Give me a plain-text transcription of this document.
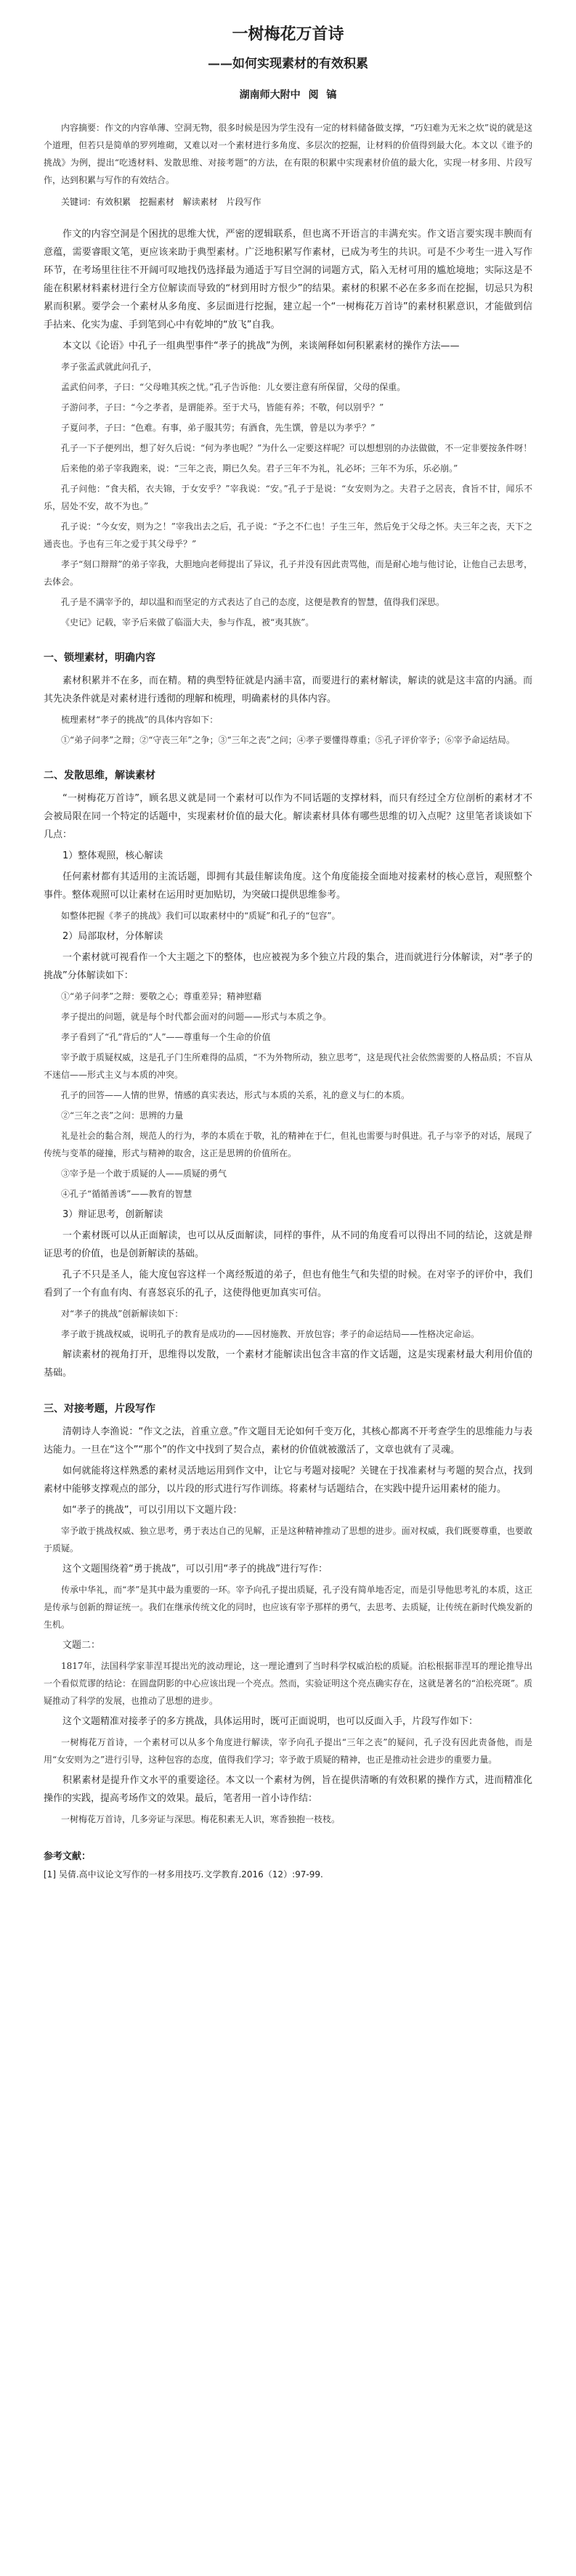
一树梅花万首诗
——如何实现素材的有效积累
湖南师大附中 阅 镐
内容摘要：作文的内容单薄、空洞无物，很多时候是因为学生没有一定的材料储备做支撑，“巧妇难为无米之炊”说的就是这个道理，但若只是简单的罗列堆砌，又难以对一个素材进行多角度、多层次的挖掘，让材料的价值得到最大化。本文以《谁予的挑战》为例，提出“吃透材料、发散思维、对接考题”的方法，在有限的积累中实现素材价值的最大化，实现一材多用、片段写作，达到积累与写作的有效结合。
关键词：有效积累 挖掘素材 解读素材 片段写作
作文的内容空洞是个困扰的思维大忧，严密的逻辑联系，但也离不开语言的丰满充实。作文语言要实现丰腴而有意蕴，需要睿眼文笔，更应该来助于典型素材。广泛地积累写作素材，已成为考生的共识。可是不少考生一进入写作环节，在考场里往往不开阔可叹地找仍选择最为通适于写目空洞的词题方式，陷入无材可用的尴尬境地；实际这是不能在积累材料素材进行全方位解读而导致的“材到用时方恨少”的结果。素材的积累不必在多多而在挖掘，切忌只为积累而积累。要学会一个素材从多角度、多层面进行挖掘，建立起一个“一树梅花万首诗”的素材积累意识，才能做到信手拈来、化实为虚、手到笔到心中有乾坤的“放飞”自我。
本文以《论语》中孔子一组典型事件“孝子的挑战”为例，来谈阐释如何积累素材的操作方法——
孝子张孟武就此问孔子，
孟武伯问孝，子曰：“父母唯其疾之忧。”孔子告诉他：儿女要注意有所保留，父母的保重。
子游问孝，子曰：“今之孝者，是谓能养。至于犬马，皆能有养；不敬，何以别乎？”
子夏问孝，子曰：“色难。有事，弟子服其劳；有酒食，先生馔，曾是以为孝乎？”
孔子一下子便列出，想了好久后说：“何为孝也呢？”为什么一定要这样呢？可以想想别的办法做做，不一定非要按条件呀！
后来他的弟子宰我跑来，说：“三年之丧，期已久矣。君子三年不为礼，礼必坏；三年不为乐，乐必崩。”
孔子问他：“食夫稻，衣夫锦，于女安乎？”宰我说：“安。”孔子于是说：“女安则为之。夫君子之居丧，食旨不甘，闻乐不乐，居处不安，故不为也。”
孔子说：“今女安，则为之！”宰我出去之后，孔子说：“予之不仁也！子生三年，然后免于父母之怀。夫三年之丧，天下之通丧也。予也有三年之爱于其父母乎？”
孝子“刻口辩辩”的弟子宰我，大胆地向老师提出了异议，孔子并没有因此责骂他，而是耐心地与他讨论，让他自己去思考，去体会。
孔子是不满宰予的，却以温和而坚定的方式表达了自己的态度，这便是教育的智慧，值得我们深思。
《史记》记载，宰予后来做了临淄大夫，参与作乱，被“夷其族”。
一、锁埋素材，明确内容
素材积累并不在多，而在精。精的典型特征就是内涵丰富，而要进行的素材解读，解读的就是这丰富的内涵。而其先决条件就是对素材进行透彻的理解和梳理，明确素材的具体内容。
梳理素材“孝子的挑战”的具体内容如下：
①“弟子问孝”之辩；②“守丧三年”之争；③“三年之丧”之问；④孝子要懂得尊重；⑤孔子评价宰予；⑥宰予命运结局。
二、发散思维，解读素材
“一树梅花万首诗”，顾名思义就是同一个素材可以作为不同话题的支撑材料，而只有经过全方位剖析的素材才不会被局限在同一个特定的话题中，实现素材价值的最大化。解读素材具体有哪些思维的切入点呢？这里笔者谈谈如下几点：
1）整体观照，核心解读
任何素材都有其适用的主流话题，即拥有其最佳解读角度。这个角度能接全面地对接素材的核心意旨，观照整个事件。整体观照可以让素材在运用时更加贴切，为突破口提供思维参考。
如整体把握《孝子的挑战》我们可以取素材中的“质疑”和孔子的“包容”。
2）局部取材，分体解读
一个素材就可视看作一个大主题之下的整体，也应被视为多个独立片段的集合，进而就进行分体解读，对“孝子的挑战”分体解读如下：
①“弟子问孝”之辩：要敬之心；尊重差异；精神慰藉
孝子提出的问题，就是每个时代都会面对的问题——形式与本质之争。
孝子看到了“孔”背后的“人”——尊重每一个生命的价值
宰予敢于质疑权威，这是孔子门生所难得的品质，“不为外物所动，独立思考”，这是现代社会依然需要的人格品质；不盲从不迷信——形式主义与本质的冲突。
孔子的回答——人情的世界，情感的真实表达，形式与本质的关系，礼的意义与仁的本质。
②“三年之丧”之问：思辨的力量
礼是社会的黏合剂，规范人的行为，孝的本质在于敬，礼的精神在于仁，但礼也需要与时俱进。孔子与宰予的对话，展现了传统与变革的碰撞，形式与精神的取舍，这正是思辨的价值所在。
③宰予是一个敢于质疑的人——质疑的勇气
④孔子“循循善诱”——教育的智慧
3）辩证思考，创新解读
一个素材既可以从正面解读，也可以从反面解读，同样的事件，从不同的角度看可以得出不同的结论，这就是辩证思考的价值，也是创新解读的基础。
孔子不只是圣人，能大度包容这样一个离经叛道的弟子，但也有他生气和失望的时候。在对宰予的评价中，我们看到了一个有血有肉、有喜怒哀乐的孔子，这使得他更加真实可信。
对“孝子的挑战”创新解读如下：
孝子敢于挑战权威，说明孔子的教育是成功的——因材施教、开放包容；孝子的命运结局——性格决定命运。
解读素材的视角打开，思维得以发散，一个素材才能解读出包含丰富的作文话题，这是实现素材最大利用价值的基础。
三、对接考题，片段写作
清朝诗人李渔说：“作文之法，首重立意。”作文题目无论如何千变万化，其核心都离不开考查学生的思维能力与表达能力。一旦在“这个”“那个”的作文中找到了契合点，素材的价值就被激活了，文章也就有了灵魂。
如何就能将这样熟悉的素材灵活地运用到作文中，让它与考题对接呢？关键在于找准素材与考题的契合点，找到素材中能够支撑观点的部分，以片段的形式进行写作训练。将素材与话题结合，在实践中提升运用素材的能力。
如“孝子的挑战”，可以引用以下文题片段：
宰予敢于挑战权威、独立思考，勇于表达自己的见解，正是这种精神推动了思想的进步。面对权威，我们既要尊重，也要敢于质疑。
这个文题围绕着“勇于挑战”，可以引用“孝子的挑战”进行写作：
传承中华礼，而“孝”是其中最为重要的一环。宰予向孔子提出质疑，孔子没有简单地否定，而是引导他思考礼的本质，这正是传承与创新的辩证统一。我们在继承传统文化的同时，也应该有宰予那样的勇气，去思考、去质疑，让传统在新时代焕发新的生机。
文题二：
1817年，法国科学家菲涅耳提出光的波动理论，这一理论遭到了当时科学权威泊松的质疑。泊松根据菲涅耳的理论推导出一个看似荒谬的结论：在圆盘阴影的中心应该出现一个亮点。然而，实验证明这个亮点确实存在，这就是著名的“泊松亮斑”。质疑推动了科学的发展，也推动了思想的进步。
这个文题精准对接孝子的多方挑战，具体运用时，既可正面说明，也可以反面入手，片段写作如下：
一树梅花万首诗，一个素材可以从多个角度进行解读，宰予向孔子提出“三年之丧”的疑问，孔子没有因此责备他，而是用“女安则为之”进行引导，这种包容的态度，值得我们学习；宰予敢于质疑的精神，也正是推动社会进步的重要力量。
积累素材是提升作文水平的重要途径。本文以一个素材为例，旨在提供清晰的有效积累的操作方式，进而精准化操作的实践，提高考场作文的效果。最后，笔者用一首小诗作结：
一树梅花万首诗，几多旁证与深思。梅花积素无人识，寒香独抱一枝枝。
参考文献：
[1] 吴倩.高中议论文写作的一材多用技巧.文学教育.2016（12）:97-99.
